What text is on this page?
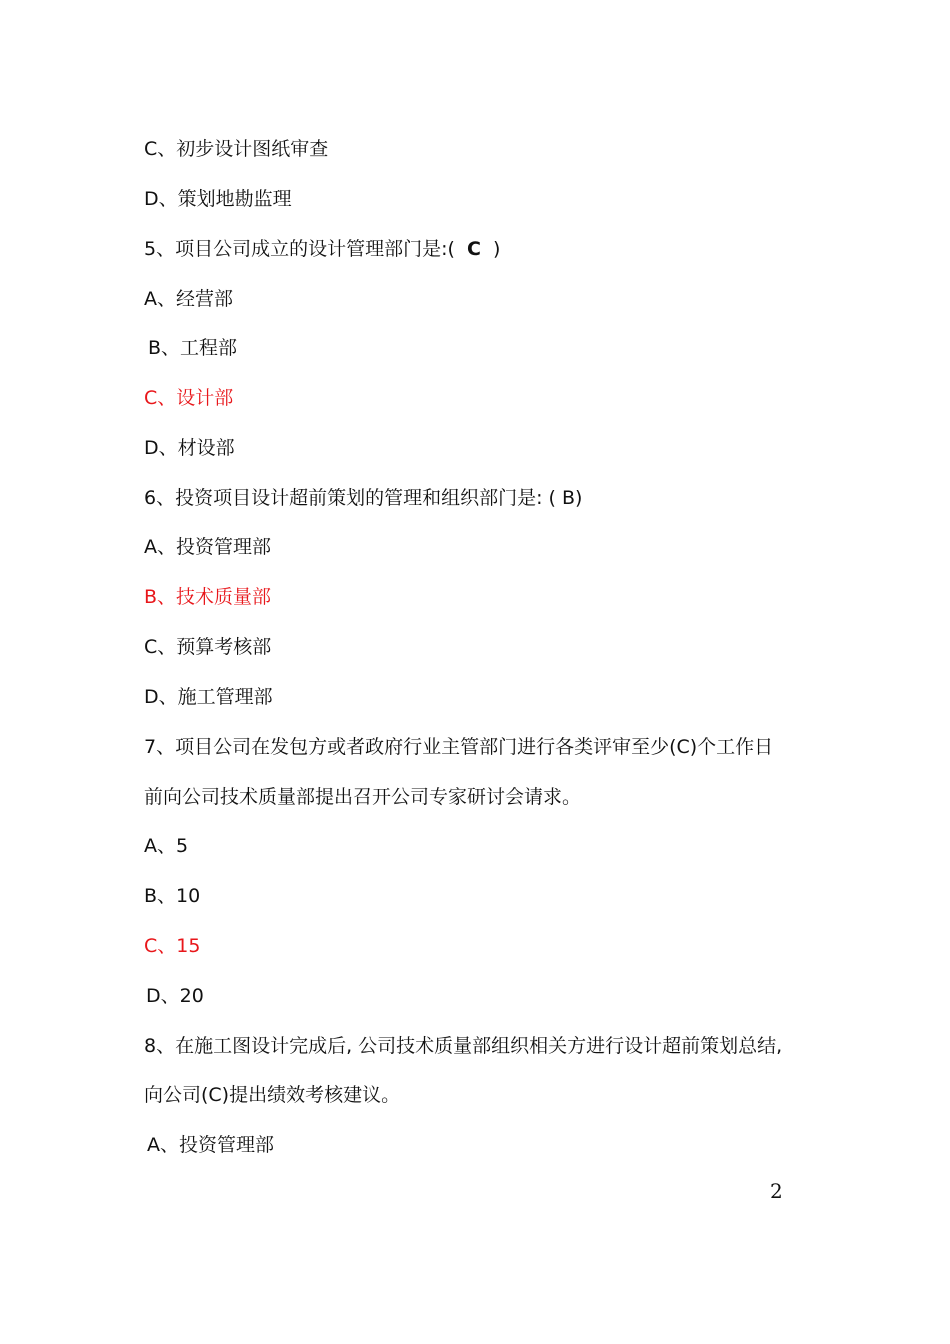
C、初步设计图纸审查
D、策划地勘监理
5、项目公司成立的设计管理部门是:( C )
A、经营部
B、工程部
C、设计部
D、材设部
6、投资项目设计超前策划的管理和组织部门是: ( B)
A、投资管理部
B、技术质量部
C、预算考核部
D、施工管理部
7、项目公司在发包方或者政府行业主管部门进行各类评审至少(C)个工作日
前向公司技术质量部提出召开公司专家研讨会请求。
A、5
B、10
C、15
D、20
8、在施工图设计完成后, 公司技术质量部组织相关方进行设计超前策划总结,
向公司(C)提出绩效考核建议。
A、投资管理部
2
